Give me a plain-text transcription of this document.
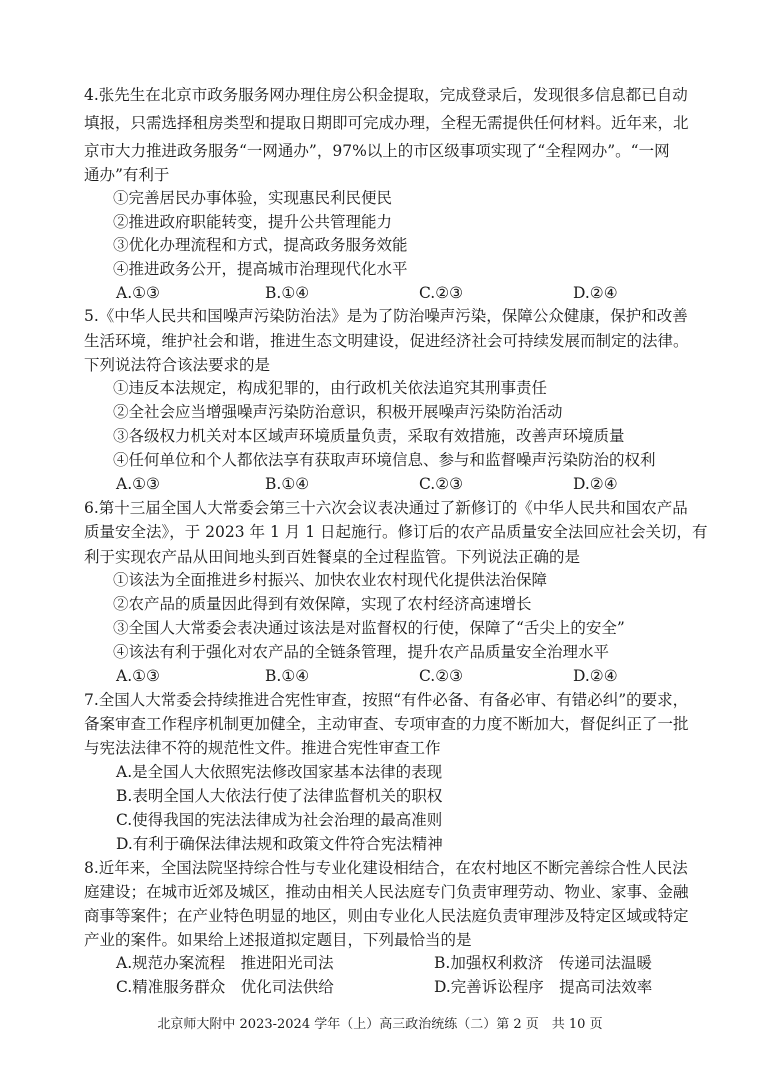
4.张先生在北京市政务服务网办理住房公积金提取，完成登录后，发现很多信息都已自动
填报，只需选择租房类型和提取日期即可完成办理，全程无需提供任何材料。近年来，北
京市大力推进政务服务“一网通办”，97%以上的市区级事项实现了“全程网办”。“一网
通办”有利于
①完善居民办事体验，实现惠民利民便民
②推进政府职能转变，提升公共管理能力
③优化办理流程和方式，提高政务服务效能
④推进政务公开，提高城市治理现代化水平
A.①③	B.①④	C.②③	D.②④
5.《中华人民共和国噪声污染防治法》是为了防治噪声污染，保障公众健康，保护和改善
生活环境，维护社会和谐，推进生态文明建设，促进经济社会可持续发展而制定的法律。
下列说法符合该法要求的是
①违反本法规定，构成犯罪的，由行政机关依法追究其刑事责任
②全社会应当增强噪声污染防治意识，积极开展噪声污染防治活动
③各级权力机关对本区域声环境质量负责，采取有效措施，改善声环境质量
④任何单位和个人都依法享有获取声环境信息、参与和监督噪声污染防治的权利
A.①③	B.①④	C.②③	D.②④
6.第十三届全国人大常委会第三十六次会议表决通过了新修订的《中华人民共和国农产品
质量安全法》，于 2023 年 1 月 1 日起施行。修订后的农产品质量安全法回应社会关切，有
利于实现农产品从田间地头到百姓餐桌的全过程监管。下列说法正确的是
①该法为全面推进乡村振兴、加快农业农村现代化提供法治保障
②农产品的质量因此得到有效保障，实现了农村经济高速增长
③全国人大常委会表决通过该法是对监督权的行使，保障了“舌尖上的安全”
④该法有利于强化对农产品的全链条管理，提升农产品质量安全治理水平
A.①③	B.①④	C.②③	D.②④
7.全国人大常委会持续推进合宪性审查，按照“有件必备、有备必审、有错必纠”的要求，
备案审查工作程序机制更加健全，主动审查、专项审查的力度不断加大，督促纠正了一批
与宪法法律不符的规范性文件。推进合宪性审查工作
A.是全国人大依照宪法修改国家基本法律的表现
B.表明全国人大依法行使了法律监督机关的职权
C.使得我国的宪法法律成为社会治理的最高准则
D.有利于确保法律法规和政策文件符合宪法精神
8.近年来，全国法院坚持综合性与专业化建设相结合，在农村地区不断完善综合性人民法
庭建设；在城市近郊及城区，推动由相关人民法庭专门负责审理劳动、物业、家事、金融
商事等案件；在产业特色明显的地区，则由专业化人民法庭负责审理涉及特定区域或特定
产业的案件。如果给上述报道拟定题目，下列最恰当的是
A.规范办案流程　推进阳光司法	B.加强权利救济　传递司法温暖
C.精准服务群众　优化司法供给	D.完善诉讼程序　提高司法效率
北京师大附中 2023-2024 学年（上）高三政治统练（二）第 2 页　共 10 页
